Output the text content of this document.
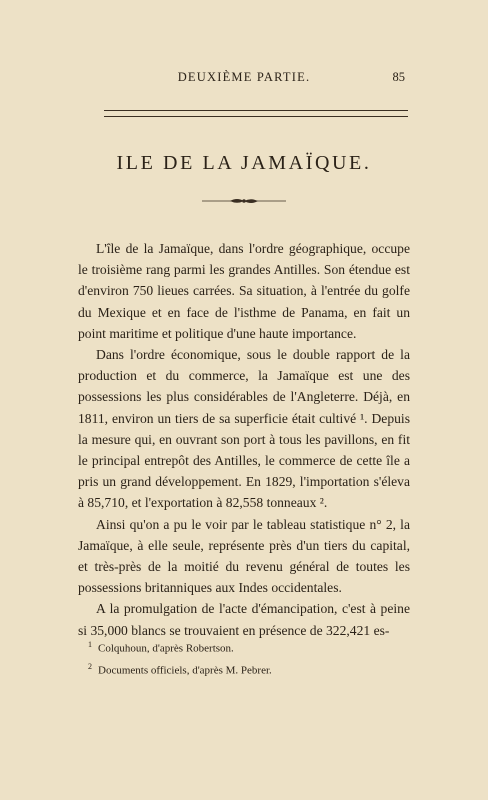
DEUXIÈME PARTIE.	85
ILE DE LA JAMAÏQUE.

L'île de la Jamaïque, dans l'ordre géographique, occupe le troisième rang parmi les grandes Antilles. Son étendue est d'environ 750 lieues carrées. Sa situation, à l'entrée du golfe du Mexique et en face de l'isthme de Panama, en fait un point maritime et politique d'une haute importance.

Dans l'ordre économique, sous le double rapport de la production et du commerce, la Jamaïque est une des possessions les plus considérables de l'Angleterre. Déjà, en 1811, environ un tiers de sa superficie était cultivé ¹. Depuis la mesure qui, en ouvrant son port à tous les pavillons, en fit le principal entrepôt des Antilles, le commerce de cette île a pris un grand développement. En 1829, l'importation s'éleva à 85,710, et l'exportation à 82,558 tonneaux ².

Ainsi qu'on a pu le voir par le tableau statistique n° 2, la Jamaïque, à elle seule, représente près d'un tiers du capital, et très-près de la moitié du revenu général de toutes les possessions britanniques aux Indes occidentales.

A la promulgation de l'acte d'émancipation, c'est à peine si 35,000 blancs se trouvaient en présence de 322,421 es-

$^1$ Colquhoun, d'après Robertson.

$^2$ Documents officiels, d'après M. Pebrer.
